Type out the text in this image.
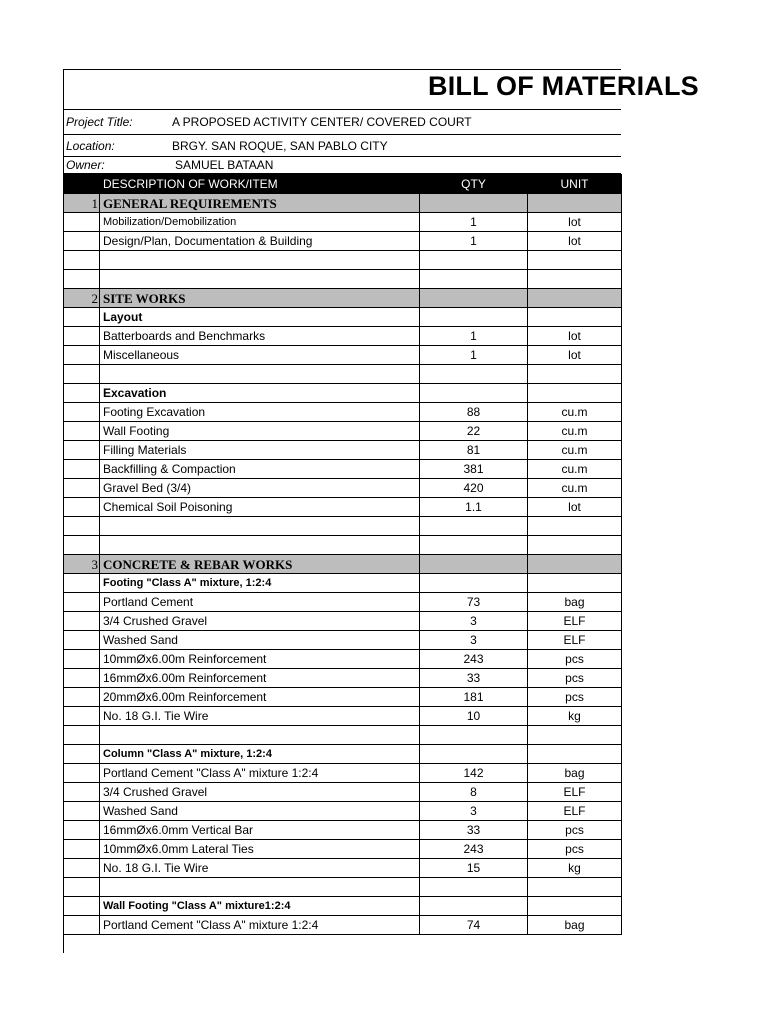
BILL OF MATERIALS
Project Title:	A PROPOSED ACTIVITY CENTER/ COVERED COURT
Location:	BRGY. SAN ROQUE, SAN PABLO CITY
Owner:	SAMUEL BATAAN
	DESCRIPTION OF WORK/ITEM	QTY	UNIT
1	GENERAL REQUIREMENTS		
	Mobilization/Demobilization	1	lot
	Design/Plan, Documentation & Building	1	lot

2	SITE WORKS		
	Layout		
	Batterboards and Benchmarks	1	lot
	Miscellaneous	1	lot

	Excavation		
	Footing Excavation	88	cu.m
	Wall Footing	22	cu.m
	Filling Materials	81	cu.m
	Backfilling & Compaction	381	cu.m
	Gravel Bed (3/4)	420	cu.m
	Chemical Soil Poisoning	1.1	lot

3	CONCRETE & REBAR WORKS		
	Footing "Class A" mixture, 1:2:4		
	Portland Cement	73	bag
	3/4 Crushed Gravel	3	ELF
	Washed Sand	3	ELF
	10mmØx6.00m Reinforcement	243	pcs
	16mmØx6.00m Reinforcement	33	pcs
	20mmØx6.00m Reinforcement	181	pcs
	No. 18 G.I. Tie Wire	10	kg

	Column "Class A" mixture, 1:2:4		
	Portland Cement "Class A" mixture 1:2:4	142	bag
	3/4 Crushed Gravel	8	ELF
	Washed Sand	3	ELF
	16mmØx6.0mm Vertical Bar	33	pcs
	10mmØx6.0mm Lateral Ties	243	pcs
	No. 18 G.I. Tie Wire	15	kg

	Wall Footing "Class A" mixture1:2:4		
	Portland Cement "Class A" mixture 1:2:4	74	bag
